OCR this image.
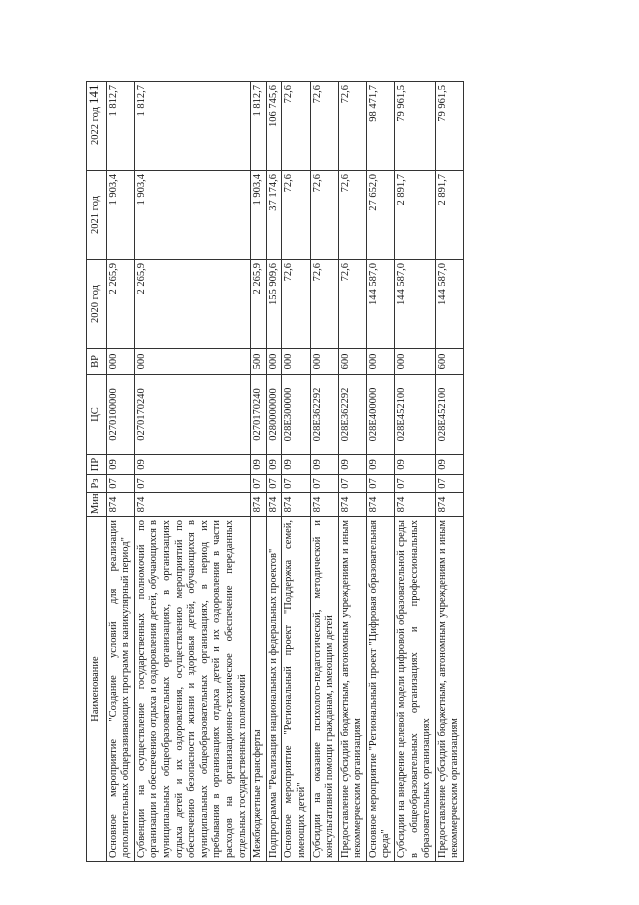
141
Наименование	Мин	Рз	ПР	ЦС	ВР	2020 год	2021 год	2022 год
Основное мероприятие "Создание условий для реализации дополнительных общеразвивающих программ в каникулярный период"	874	07	09	0270100000	000	2 265,9	1 903,4	1 812,7
Субвенции на осуществление государственных полномочий по организации и обеспечению отдыха и оздоровления детей, обучающихся в муниципальных общеобразовательных организациях, в организациях отдыха детей и их оздоровления, осуществлению мероприятий по обеспечению безопасности жизни и здоровья детей, обучающихся в муниципальных общеобразовательных организациях, в период их пребывания в организациях отдыха детей и их оздоровления в части расходов на организационно-техническое обеспечение переданных отдельных государственных полномочий	874	07	09	0270170240	000	2 265,9	1 903,4	1 812,7
Межбюджетные трансферты	874	07	09	0270170240	500	2 265,9	1 903,4	1 812,7
Подпрограмма "Реализация национальных и федеральных проектов"	874	07	09	0280000000	000	155 909,6	37 174,6	106 745,6
Основное мероприятие "Региональный проект "Поддержка семей, имеющих детей"	874	07	09	028Е300000	000	72,6	72,6	72,6
Субсидии на оказание психолого-педагогической, методической и консультативной помощи гражданам, имеющим детей	874	07	09	028Е362292	000	72,6	72,6	72,6
Предоставление субсидий бюджетным, автономным учреждениям и иным некоммерческим организациям	874	07	09	028Е362292	600	72,6	72,6	72,6
Основное мероприятие "Региональный проект "Цифровая образовательная среда"	874	07	09	028Е400000	000	144 587,0	27 652,0	98 471,7
Субсидии на внедрение целевой модели цифровой образовательной среды в общеобразовательных организациях и профессиональных образовательных организациях	874	07	09	028Е452100	000	144 587,0	2 891,7	79 961,5
Предоставление субсидий бюджетным, автономным учреждениям и иным некоммерческим организациям	874	07	09	028Е452100	600	144 587,0	2 891,7	79 961,5
